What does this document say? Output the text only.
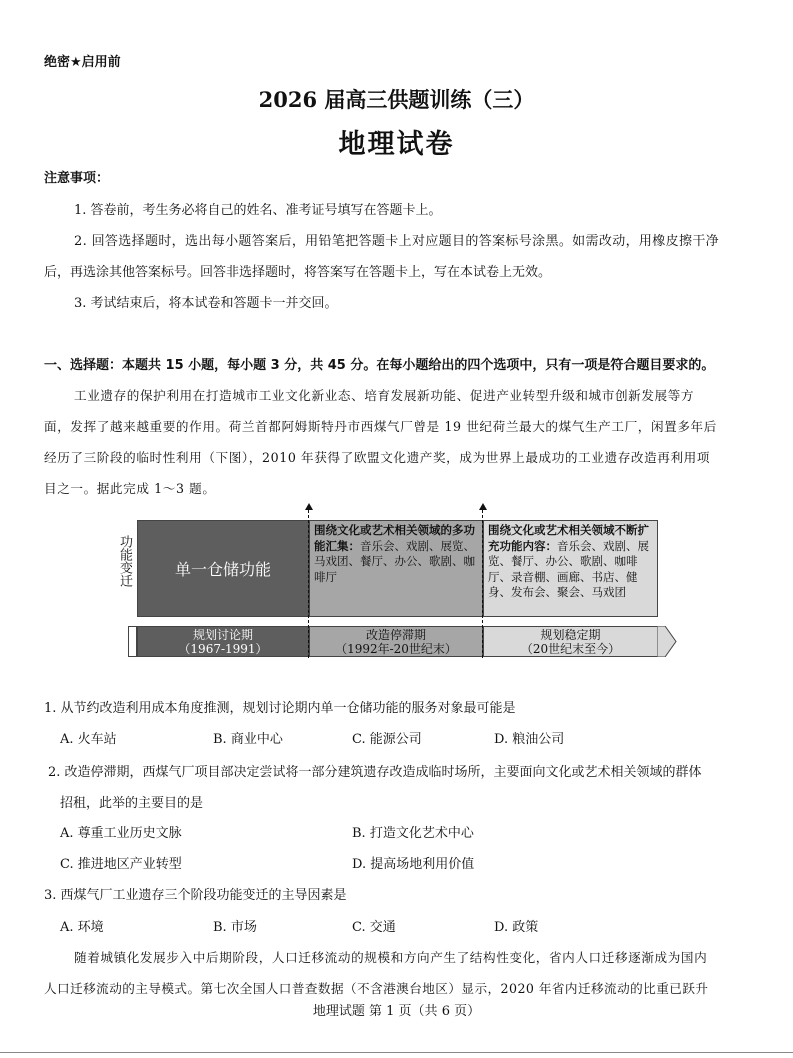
绝密★启用前
2026 届高三供题训练（三）
地理试卷
注意事项：
1. 答卷前，考生务必将自己的姓名、准考证号填写在答题卡上。
2. 回答选择题时，选出每小题答案后，用铅笔把答题卡上对应题目的答案标号涂黑。如需改动，用橡皮擦干净
后，再选涂其他答案标号。回答非选择题时，将答案写在答题卡上，写在本试卷上无效。
3. 考试结束后，将本试卷和答题卡一并交回。
一、选择题：本题共 15 小题，每小题 3 分，共 45 分。在每小题给出的四个选项中，只有一项是符合题目要求的。
工业遗存的保护利用在打造城市工业文化新业态、培育发展新功能、促进产业转型升级和城市创新发展等方
面，发挥了越来越重要的作用。荷兰首都阿姆斯特丹市西煤气厂曾是 19 世纪荷兰最大的煤气生产工厂，闲置多年后
经历了三阶段的临时性利用（下图），2010 年获得了欧盟文化遗产奖，成为世界上最成功的工业遗存改造再利用项
目之一。据此完成 1～3 题。
功能变迁	单一仓储功能
围绕文化或艺术相关领域的多功能汇集：音乐会、戏剧、展览、马戏团、餐厅、办公、歌剧、咖啡厅
围绕文化或艺术相关领域不断扩充功能内容：音乐会、戏剧、展览、餐厅、办公、歌剧、咖啡厅、录音棚、画廊、书店、健身、发布会、聚会、马戏团
规划讨论期
（1967-1991）
改造停滞期
（1992年-20世纪末）
规划稳定期
（20世纪末至今）
1. 从节约改造利用成本角度推测，规划讨论期内单一仓储功能的服务对象最可能是
A. 火车站	B. 商业中心	C. 能源公司	D. 粮油公司
2. 改造停滞期，西煤气厂项目部决定尝试将一部分建筑遗存改造成临时场所，主要面向文化或艺术相关领域的群体
招租，此举的主要目的是
A. 尊重工业历史文脉	B. 打造文化艺术中心
C. 推进地区产业转型	D. 提高场地利用价值
3. 西煤气厂工业遗存三个阶段功能变迁的主导因素是
A. 环境	B. 市场	C. 交通	D. 政策
随着城镇化发展步入中后期阶段，人口迁移流动的规模和方向产生了结构性变化，省内人口迁移逐渐成为国内
人口迁移流动的主导模式。第七次全国人口普查数据（不含港澳台地区）显示，2020 年省内迁移流动的比重已跃升
地理试题 第 1 页（共 6 页）
